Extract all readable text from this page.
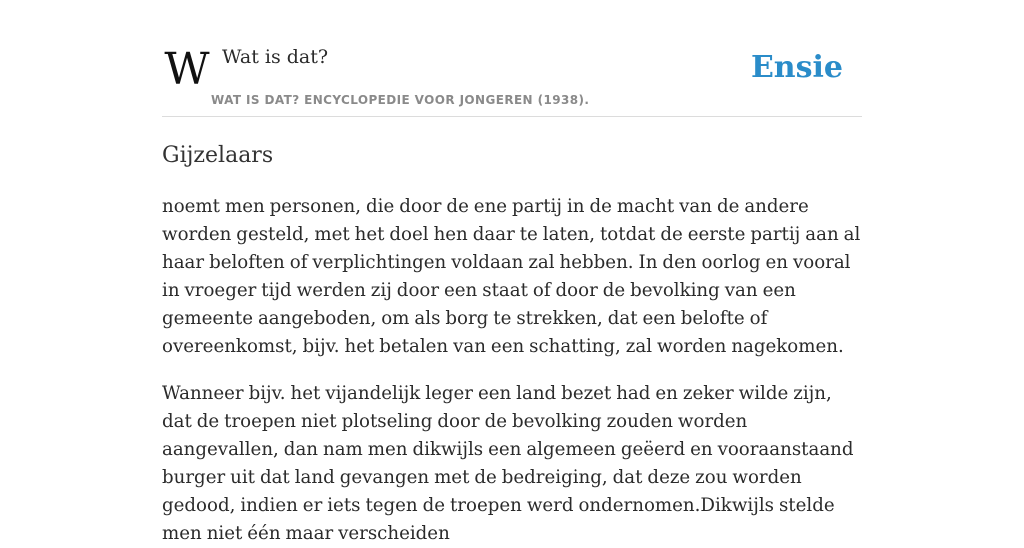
W Wat is dat?
WAT IS DAT? ENCYCLOPEDIE VOOR JONGEREN (1938).
Ensie
Gijzelaars

noemt men personen, die door de ene partij in de macht van de andere worden gesteld, met het doel hen daar te laten, totdat de eerste partij aan al haar beloften of verplichtingen voldaan zal hebben. In den oorlog en vooral in vroeger tijd werden zij door een staat of door de bevolking van een gemeente aangeboden, om als borg te strekken, dat een belofte of overeenkomst, bijv. het betalen van een schatting, zal worden nagekomen.

Wanneer bijv. het vijandelijk leger een land bezet had en zeker wilde zijn, dat de troepen niet plotseling door de bevolking zouden worden aangevallen, dan nam men dikwijls een algemeen geëerd en vooraanstaand burger uit dat land gevangen met de bedreiging, dat deze zou worden gedood, indien er iets tegen de troepen werd ondernomen.Dikwijls stelde men niet één maar verscheiden
